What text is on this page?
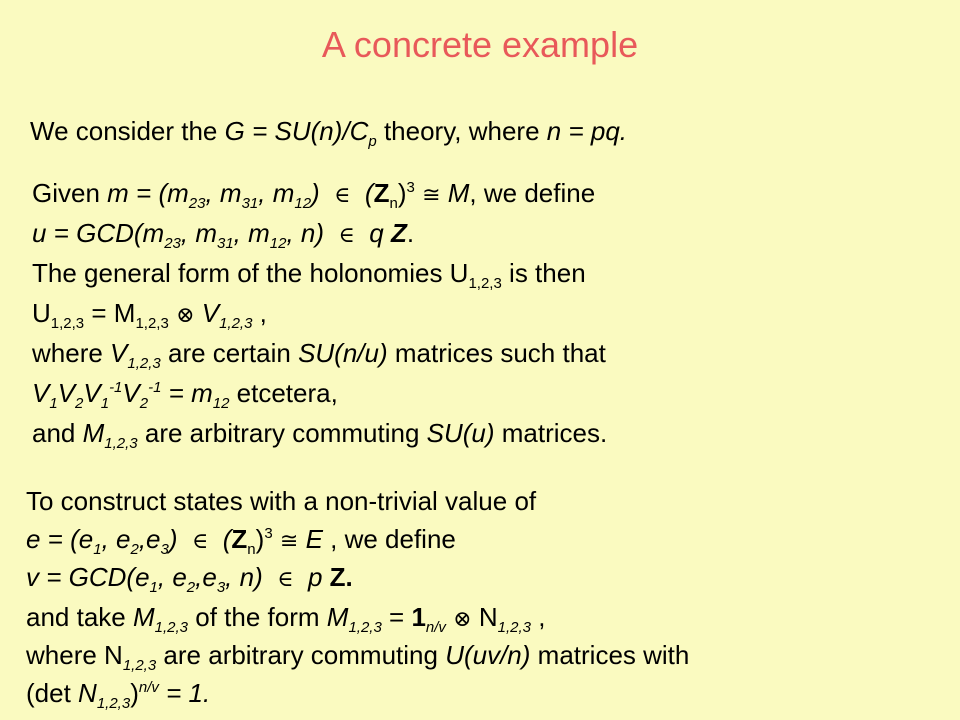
A concrete example
We consider the $G = SU(n)/C_p$ theory, where n = pq.
Given $m = (m_{23}$, $m_{31}$, $m_{12}$) ∈ $(Z_n)^3$ ≅ M, we define
$u = GCD(m_{23}$, $m_{31}$, $m_{12}$, n) ∈ q Z.
The general form of the holonomies $U_{1,2,3}$ is then
$U_{1,2,3} = M_{1,2,3}$ ⊗ $V_{1,2,3}$ ,
where $V_{1,2,3}$ are certain SU(n/u) matrices such that
$V_1V_2V_1^{-1}V_2^{-1} = m_{12}$ etcetera,
and $M_{1,2,3}$ are arbitrary commuting SU(u) matrices.
To construct states with a non-trivial value of
$e = (e_1$, $e_2,e_3$) ∈ $(Z_n)^3$ ≅ E , we define
$v = GCD(e_1$, $e_2,e_3$, n) ∈ p Z.
and take $M_{1,2,3}$ of the form $M_{1,2,3} = 1_{n/v}$ ⊗ $N_{1,2,3}$ ,
where $N_{1,2,3}$ are arbitrary commuting U(uv/n) matrices with
(det $N_{1,2,3})^{n/v} = 1$.
